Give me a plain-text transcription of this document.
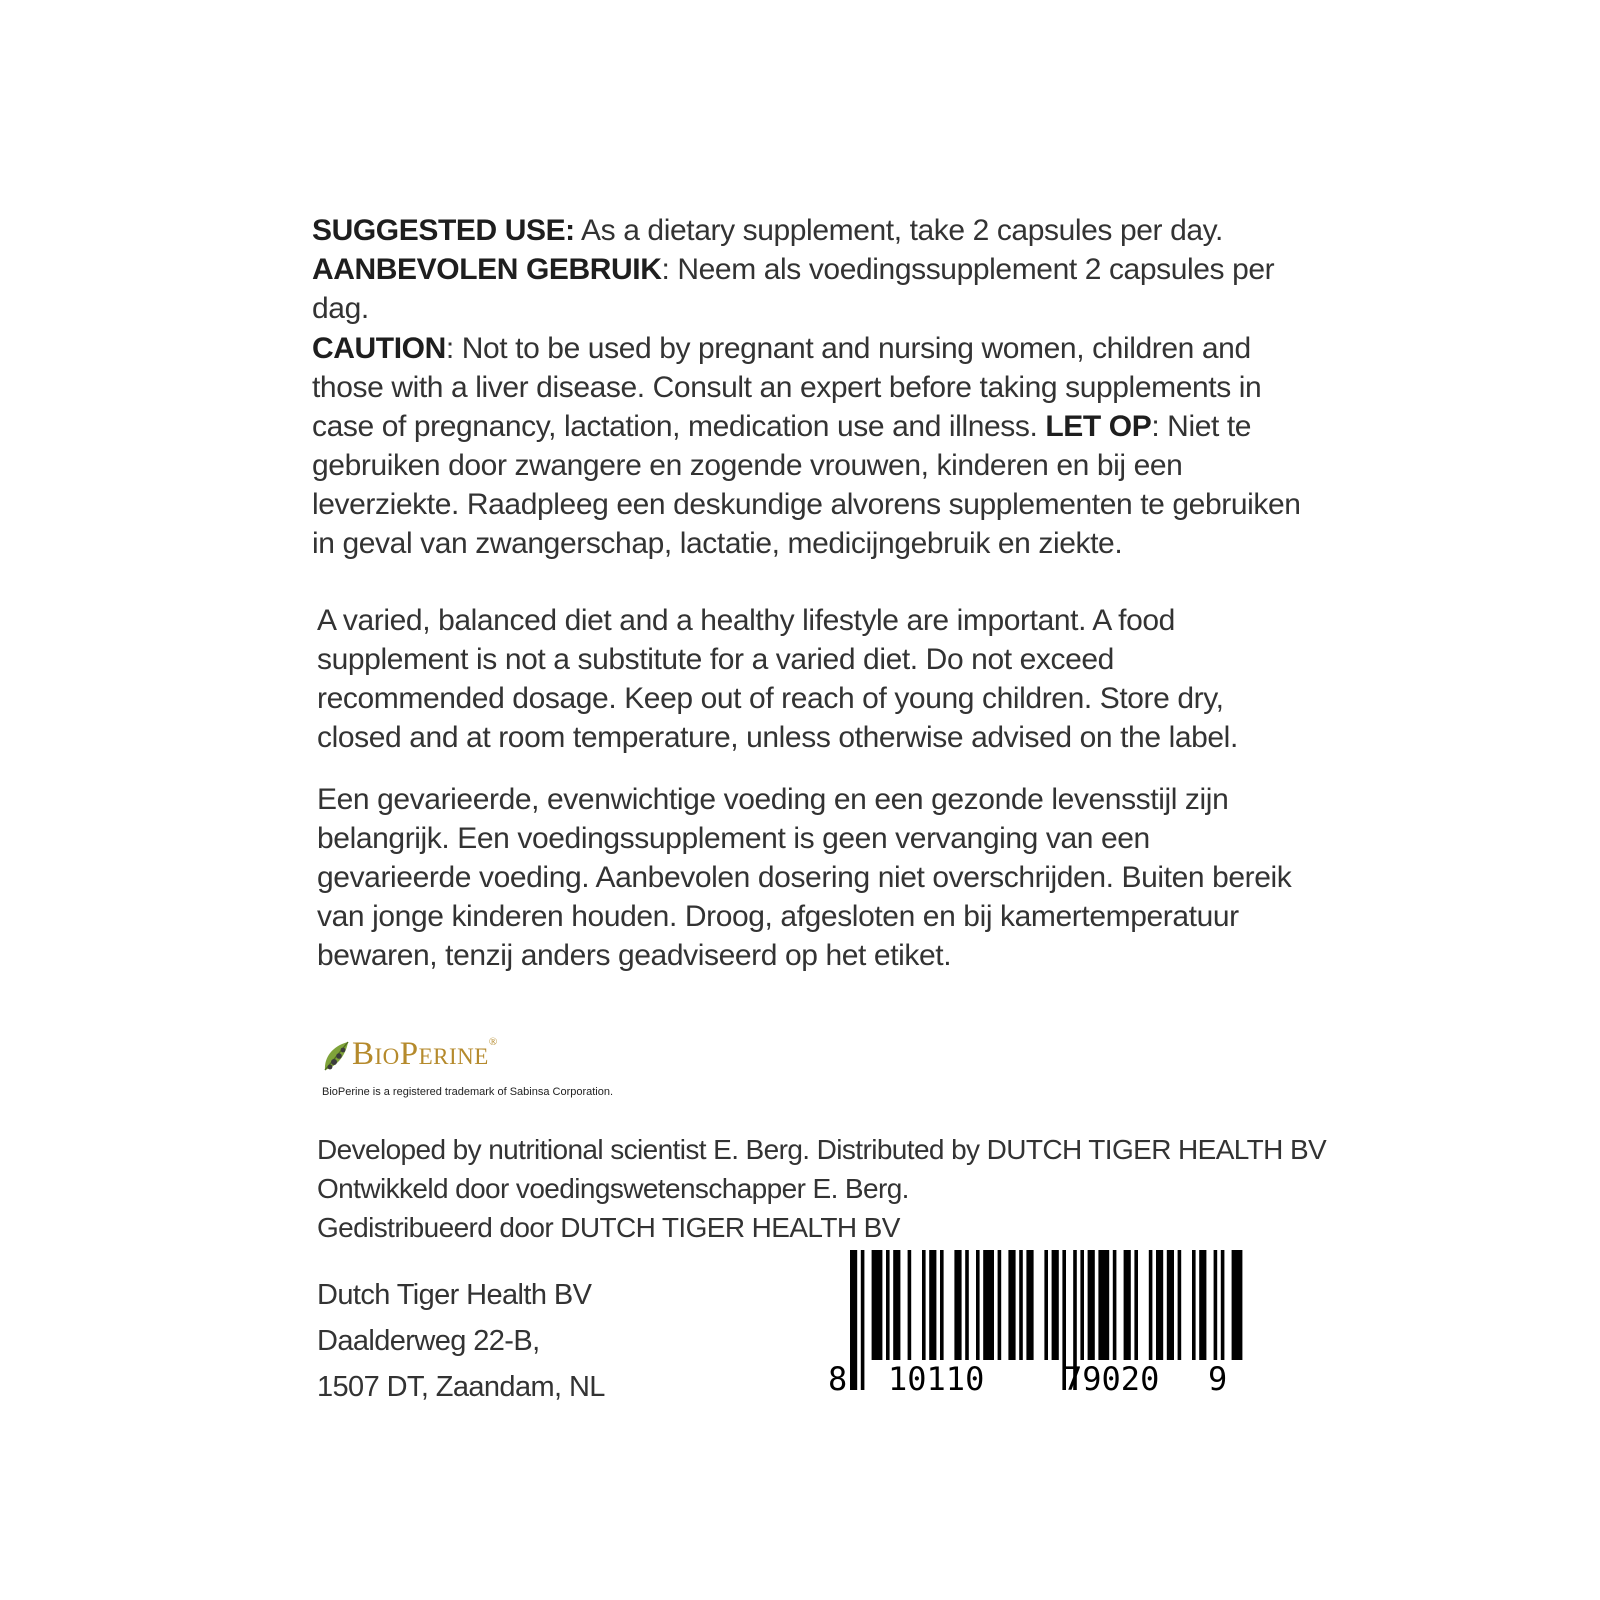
SUGGESTED USE: As a dietary supplement, take 2 capsules per day.
AANBEVOLEN GEBRUIK: Neem als voedingssupplement 2 capsules per dag.
CAUTION: Not to be used by pregnant and nursing women, children and those with a liver disease. Consult an expert before taking supplements in case of pregnancy, lactation, medication use and illness. LET OP: Niet te gebruiken door zwangere en zogende vrouwen, kinderen en bij een leverziekte. Raadpleeg een deskundige alvorens supplementen te gebruiken in geval van zwangerschap, lactatie, medicijngebruik en ziekte.
A varied, balanced diet and a healthy lifestyle are important. A food supplement is not a substitute for a varied diet. Do not exceed recommended dosage. Keep out of reach of young children. Store dry, closed and at room temperature, unless otherwise advised on the label.
Een gevarieerde, evenwichtige voeding en een gezonde levensstijl zijn belangrijk. Een voedingssupplement is geen vervanging van een gevarieerde voeding. Aanbevolen dosering niet overschrijden. Buiten bereik van jonge kinderen houden. Droog, afgesloten en bij kamertemperatuur bewaren, tenzij anders geadviseerd op het etiket.
BioPerine®
BioPerine is a registered trademark of Sabinsa Corporation.
Developed by nutritional scientist E. Berg. Distributed by DUTCH TIGER HEALTH BV
Ontwikkeld door voedingswetenschapper E. Berg.
Gedistribueerd door DUTCH TIGER HEALTH BV
Dutch Tiger Health BV
Daalderweg 22-B,
1507 DT, Zaandam, NL	8 10110 79020 9
